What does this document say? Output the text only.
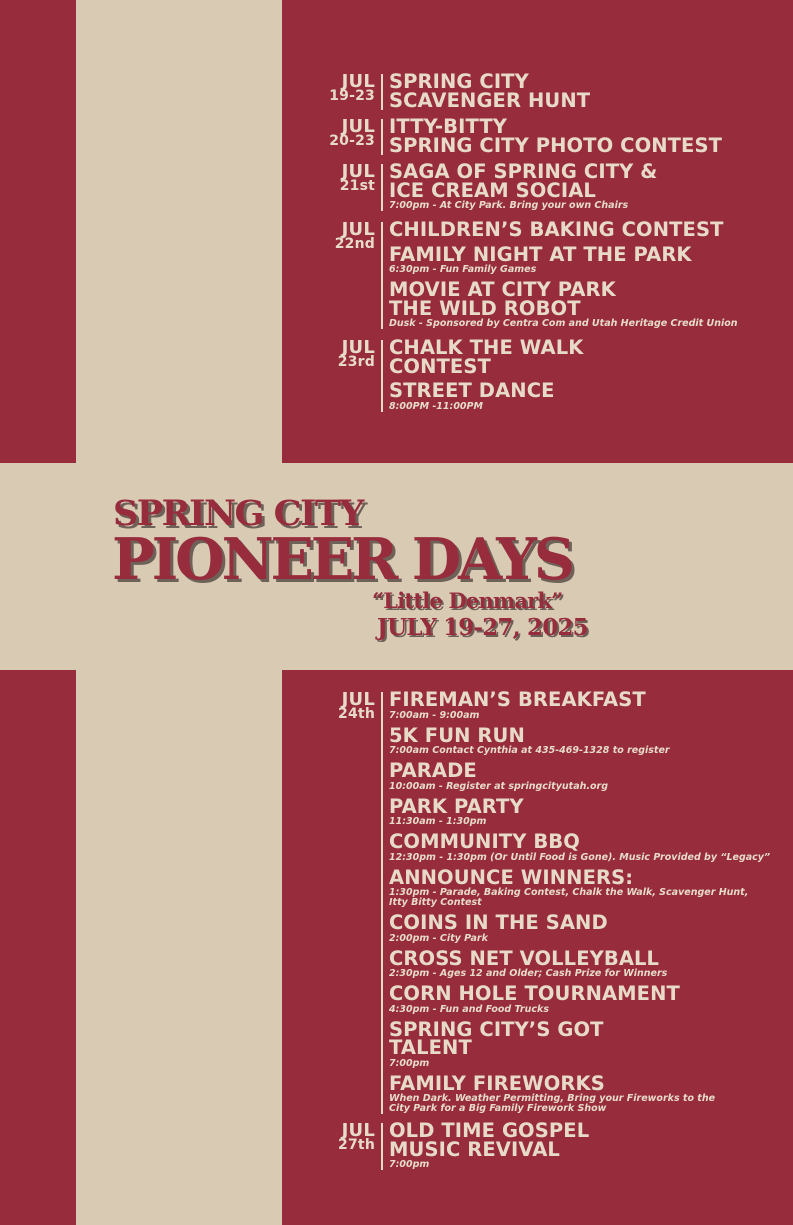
JUL
19-23
SPRING CITY
SCAVENGER HUNT
JUL
20-23
ITTY-BITTY
SPRING CITY PHOTO CONTEST
JUL
21st
SAGA OF SPRING CITY &
ICE CREAM SOCIAL
7:00pm - At City Park. Bring your own Chairs
JUL
22nd
CHILDREN’S BAKING CONTEST
FAMILY NIGHT AT THE PARK
6:30pm - Fun Family Games
MOVIE AT CITY PARK
THE WILD ROBOT
Dusk - Sponsored by Centra Com and Utah Heritage Credit Union
JUL
23rd
CHALK THE WALK
CONTEST
STREET DANCE
8:00PM -11:00PM
JUL
24th
FIREMAN’S BREAKFAST
7:00am - 9:00am
5K FUN RUN
7:00am Contact Cynthia at 435-469-1328 to register
PARADE
10:00am - Register at springcityutah.org
PARK PARTY
11:30am - 1:30pm
COMMUNITY BBQ
12:30pm - 1:30pm (Or Until Food is Gone). Music Provided by “Legacy”
ANNOUNCE WINNERS:
1:30pm - Parade, Baking Contest, Chalk the Walk, Scavenger Hunt,
Itty Bitty Contest
COINS IN THE SAND
2:00pm - City Park
CROSS NET VOLLEYBALL
2:30pm - Ages 12 and Older; Cash Prize for Winners
CORN HOLE TOURNAMENT
4:30pm - Fun and Food Trucks
SPRING CITY’S GOT
TALENT
7:00pm
FAMILY FIREWORKS
When Dark. Weather Permitting, Bring your Fireworks to the
City Park for a Big Family Firework Show
JUL
27th
OLD TIME GOSPEL
MUSIC REVIVAL
7:00pm
SPRING CITY
PIONEER DAYS
“Little Denmark”
JULY 19-27, 2025
